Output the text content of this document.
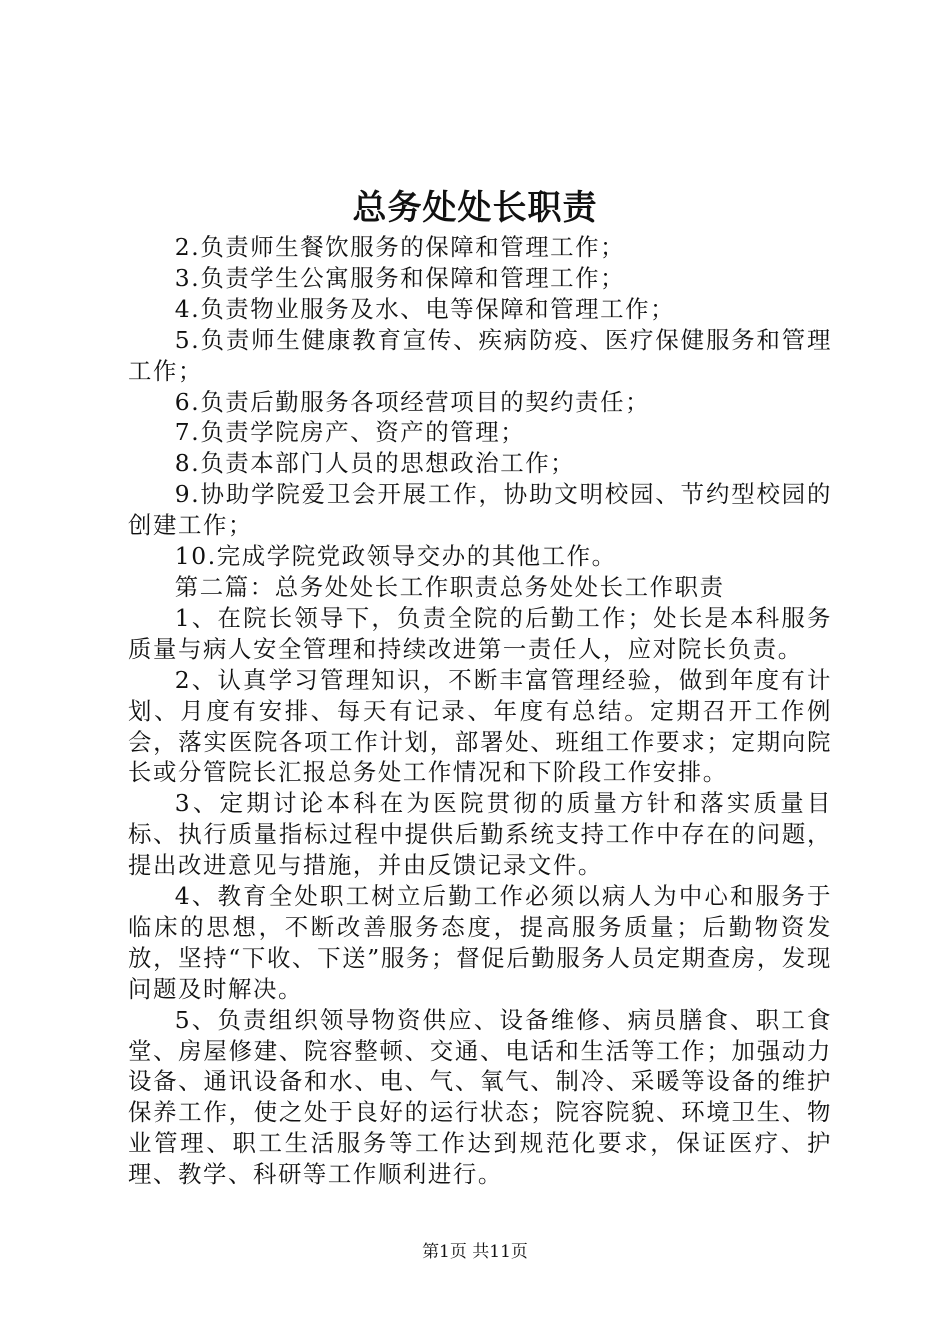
总务处处长职责

2.负责师生餐饮服务的保障和管理工作；

3.负责学生公寓服务和保障和管理工作；

4.负责物业服务及水、电等保障和管理工作；

5.负责师生健康教育宣传、疾病防疫、医疗保健服务和管理工作；

6.负责后勤服务各项经营项目的契约责任；

7.负责学院房产、资产的管理；

8.负责本部门人员的思想政治工作；

9.协助学院爱卫会开展工作，协助文明校园、节约型校园的创建工作；

10.完成学院党政领导交办的其他工作。

第二篇：总务处处长工作职责总务处处长工作职责

1、在院长领导下，负责全院的后勤工作；处长是本科服务质量与病人安全管理和持续改进第一责任人，应对院长负责。

2、认真学习管理知识，不断丰富管理经验，做到年度有计划、月度有安排、每天有记录、年度有总结。定期召开工作例会，落实医院各项工作计划，部署处、班组工作要求；定期向院长或分管院长汇报总务处工作情况和下阶段工作安排。

3、定期讨论本科在为医院贯彻的质量方针和落实质量目标、执行质量指标过程中提供后勤系统支持工作中存在的问题，提出改进意见与措施，并由反馈记录文件。

4、教育全处职工树立后勤工作必须以病人为中心和服务于临床的思想，不断改善服务态度，提高服务质量；后勤物资发放，坚持“下收、下送”服务；督促后勤服务人员定期查房，发现问题及时解决。

5、负责组织领导物资供应、设备维修、病员膳食、职工食堂、房屋修建、院容整顿、交通、电话和生活等工作；加强动力设备、通讯设备和水、电、气、氧气、制冷、采暖等设备的维护保养工作，使之处于良好的运行状态；院容院貌、环境卫生、物业管理、职工生活服务等工作达到规范化要求，保证医疗、护理、教学、科研等工作顺利进行。

第1页 共11页
